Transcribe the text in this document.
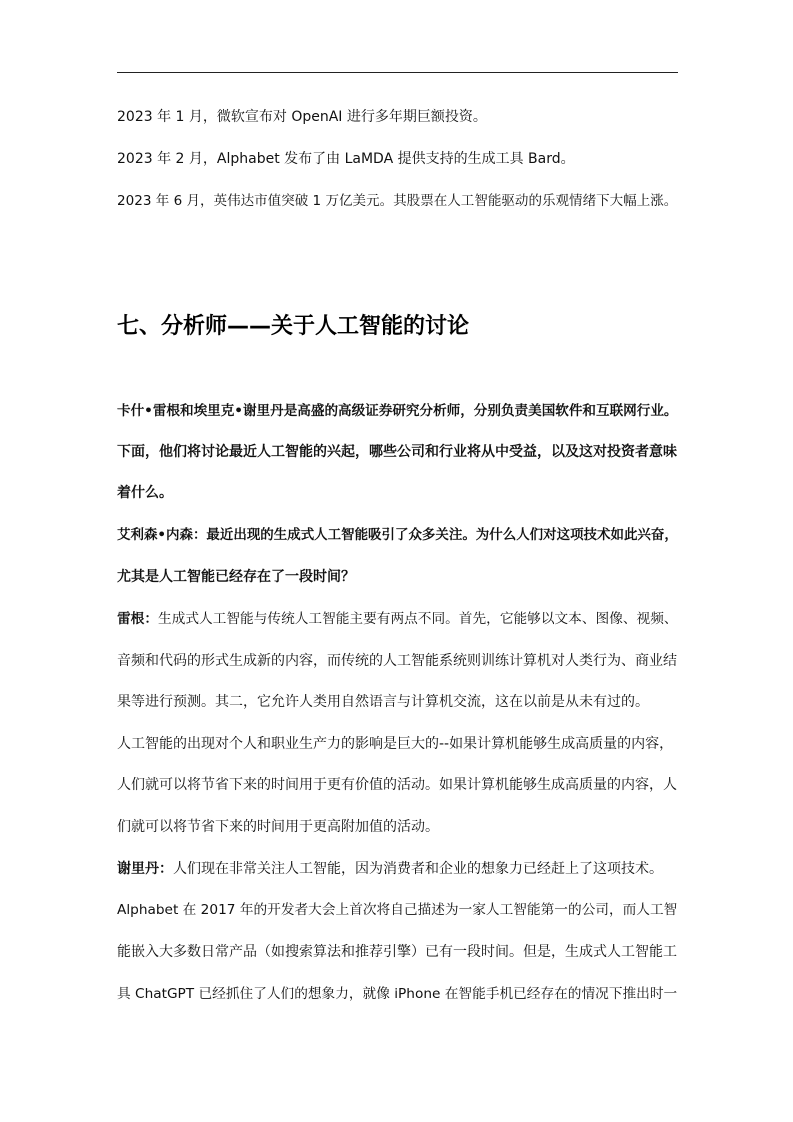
2023 年 1 月，微软宣布对 OpenAI 进行多年期巨额投资。
2023 年 2 月，Alphabet 发布了由 LaMDA 提供支持的生成工具 Bard。
2023 年 6 月，英伟达市值突破 1 万亿美元。其股票在人工智能驱动的乐观情绪下大幅上涨。
七、分析师——关于人工智能的讨论
卡什•雷根和埃里克•谢里丹是高盛的高级证券研究分析师，分别负责美国软件和互联网行业。
下面，他们将讨论最近人工智能的兴起，哪些公司和行业将从中受益，以及这对投资者意味
着什么。
艾利森•内森：最近出现的生成式人工智能吸引了众多关注。为什么人们对这项技术如此兴奋，
尤其是人工智能已经存在了一段时间？
雷根：生成式人工智能与传统人工智能主要有两点不同。首先，它能够以文本、图像、视频、
音频和代码的形式生成新的内容，而传统的人工智能系统则训练计算机对人类行为、商业结
果等进行预测。其二，它允许人类用自然语言与计算机交流，这在以前是从未有过的。
人工智能的出现对个人和职业生产力的影响是巨大的--如果计算机能够生成高质量的内容，
人们就可以将节省下来的时间用于更有价值的活动。如果计算机能够生成高质量的内容，人
们就可以将节省下来的时间用于更高附加值的活动。
谢里丹：人们现在非常关注人工智能，因为消费者和企业的想象力已经赶上了这项技术。
Alphabet 在 2017 年的开发者大会上首次将自己描述为一家人工智能第一的公司，而人工智
能嵌入大多数日常产品（如搜索算法和推荐引擎）已有一段时间。但是，生成式人工智能工
具 ChatGPT 已经抓住了人们的想象力，就像 iPhone 在智能手机已经存在的情况下推出时一
